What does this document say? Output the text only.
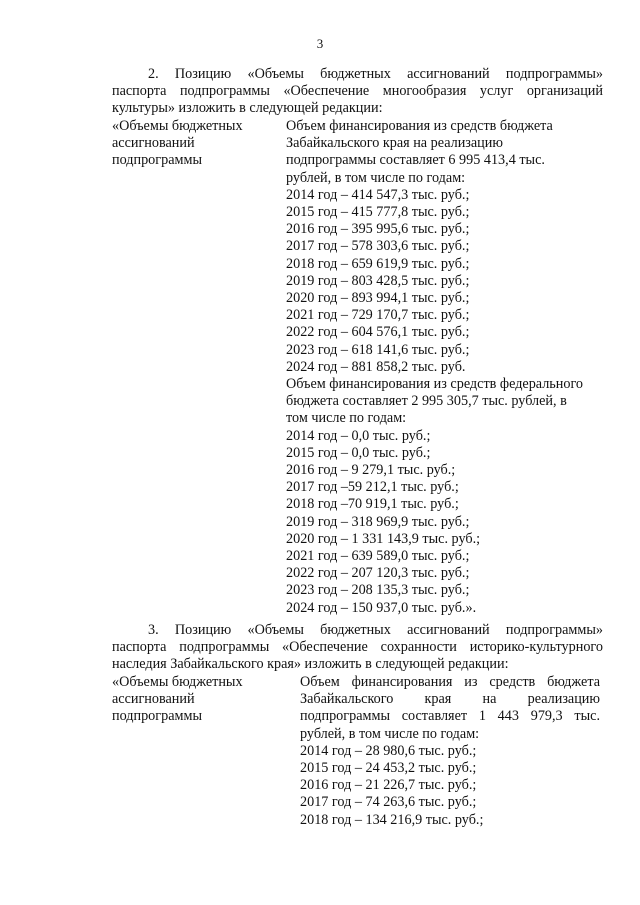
3
2. Позицию «Объемы бюджетных ассигнований подпрограммы»
паспорта подпрограммы «Обеспечение многообразия услуг организаций
культуры» изложить в следующей редакции:
«Объемы бюджетных
ассигнований
подпрограммы
Объем финансирования из средств бюджета
Забайкальского края на реализацию
подпрограммы составляет 6 995 413,4 тыс.
рублей, в том числе по годам:
2014 год – 414 547,3 тыс. руб.;
2015 год – 415 777,8 тыс. руб.;
2016 год – 395 995,6 тыс. руб.;
2017 год – 578 303,6 тыс. руб.;
2018 год – 659 619,9 тыс. руб.;
2019 год – 803 428,5 тыс. руб.;
2020 год – 893 994,1 тыс. руб.;
2021 год – 729 170,7 тыс. руб.;
2022 год – 604 576,1 тыс. руб.;
2023 год – 618 141,6 тыс. руб.;
2024 год – 881 858,2 тыс. руб.
Объем финансирования из средств федерального
бюджета составляет 2 995 305,7 тыс. рублей, в
том числе по годам:
2014 год – 0,0 тыс. руб.;
2015 год – 0,0 тыс. руб.;
2016 год – 9 279,1 тыс. руб.;
2017 год –59 212,1 тыс. руб.;
2018 год –70 919,1 тыс. руб.;
2019 год – 318 969,9 тыс. руб.;
2020 год – 1 331 143,9 тыс. руб.;
2021 год – 639 589,0 тыс. руб.;
2022 год – 207 120,3 тыс. руб.;
2023 год – 208 135,3 тыс. руб.;
2024 год – 150 937,0 тыс. руб.».
3. Позицию «Объемы бюджетных ассигнований подпрограммы»
паспорта подпрограммы «Обеспечение сохранности историко-культурного
наследия Забайкальского края» изложить в следующей редакции:
«Объемы бюджетных
ассигнований
подпрограммы
Объем финансирования из средств бюджета
Забайкальского края на реализацию
подпрограммы составляет 1 443 979,3 тыс.
рублей, в том числе по годам:
2014 год – 28 980,6 тыс. руб.;
2015 год – 24 453,2 тыс. руб.;
2016 год – 21 226,7 тыс. руб.;
2017 год – 74 263,6 тыс. руб.;
2018 год – 134 216,9 тыс. руб.;
